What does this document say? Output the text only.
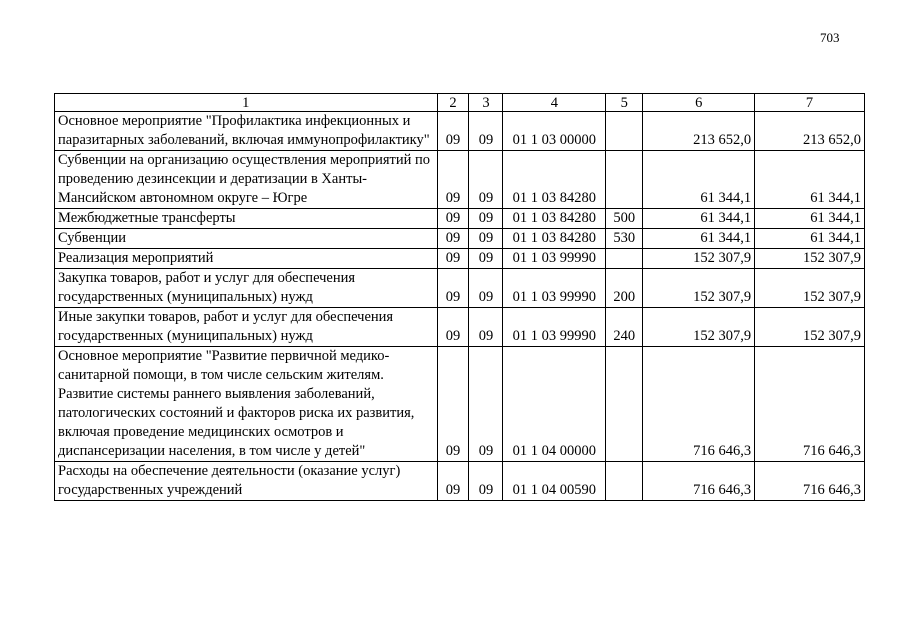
703
1	2	3	4	5	6	7
Основное мероприятие "Профилактика инфекционных и паразитарных заболеваний, включая иммунопрофилактику"	09	09	01 1 03 00000		213 652,0	213 652,0
Субвенции на организацию осуществления мероприятий по проведению дезинсекции и дератизации в Ханты-Мансийском автономном округе – Югре	09	09	01 1 03 84280		61 344,1	61 344,1
Межбюджетные трансферты	09	09	01 1 03 84280	500	61 344,1	61 344,1
Субвенции	09	09	01 1 03 84280	530	61 344,1	61 344,1
Реализация мероприятий	09	09	01 1 03 99990		152 307,9	152 307,9
Закупка товаров, работ и услуг для обеспечения государственных (муниципальных) нужд	09	09	01 1 03 99990	200	152 307,9	152 307,9
Иные закупки товаров, работ и услуг для обеспечения государственных (муниципальных) нужд	09	09	01 1 03 99990	240	152 307,9	152 307,9
Основное мероприятие "Развитие первичной медико-санитарной помощи, в том числе сельским жителям. Развитие системы раннего выявления заболеваний, патологических состояний и факторов риска их развития, включая проведение медицинских осмотров и диспансеризации населения, в том числе у детей"	09	09	01 1 04 00000		716 646,3	716 646,3
Расходы на обеспечение деятельности (оказание услуг) государственных учреждений	09	09	01 1 04 00590		716 646,3	716 646,3
